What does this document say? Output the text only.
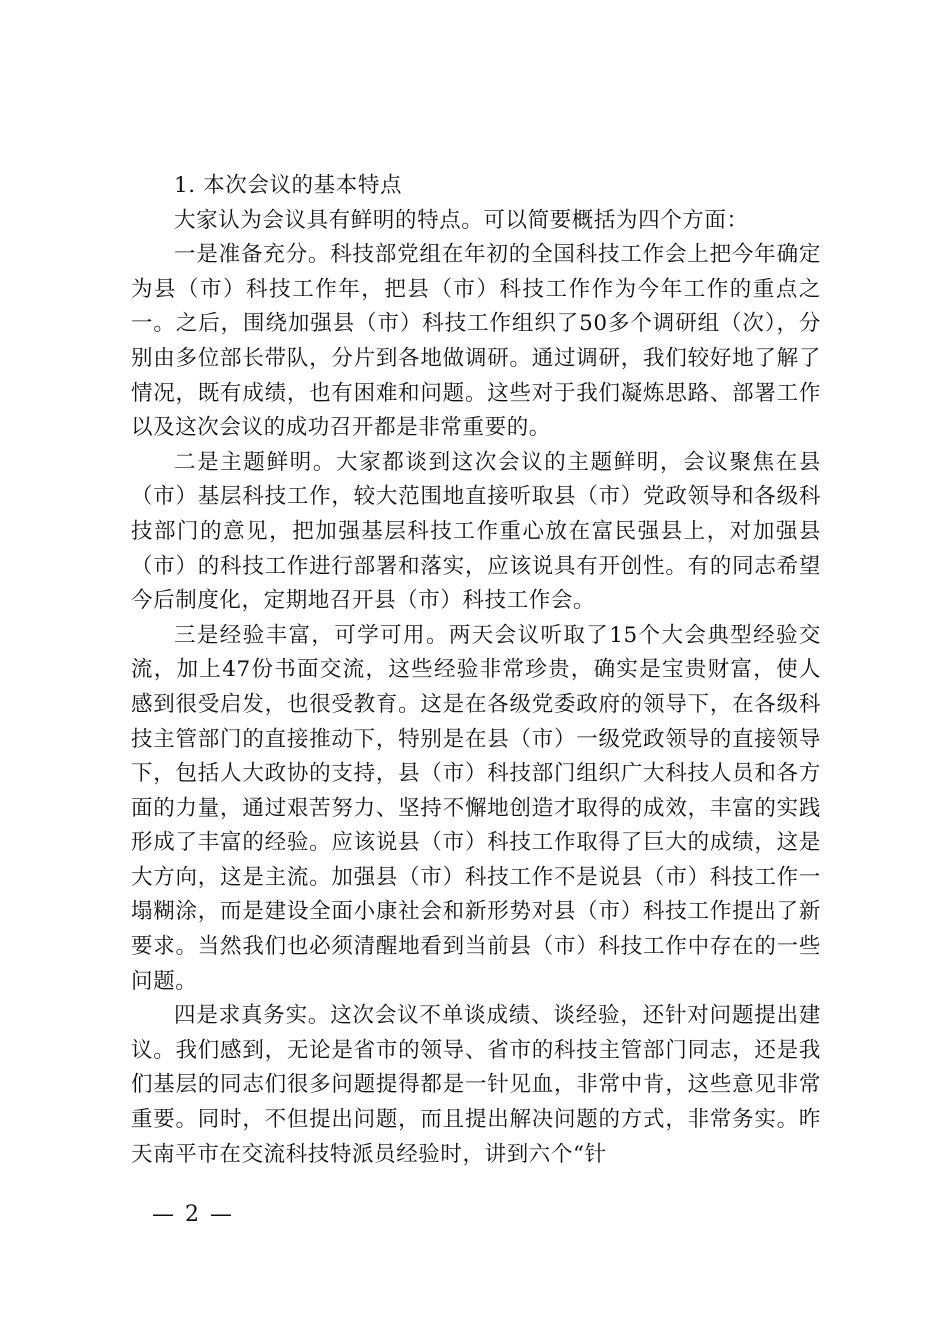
1. 本次会议的基本特点

大家认为会议具有鲜明的特点。可以简要概括为四个方面：

一是准备充分。科技部党组在年初的全国科技工作会上把今年确定为县（市）科技工作年，把县（市）科技工作作为今年工作的重点之一。之后，围绕加强县（市）科技工作组织了50多个调研组（次），分别由多位部长带队，分片到各地做调研。通过调研，我们较好地了解了情况，既有成绩，也有困难和问题。这些对于我们凝炼思路、部署工作以及这次会议的成功召开都是非常重要的。

二是主题鲜明。大家都谈到这次会议的主题鲜明，会议聚焦在县（市）基层科技工作，较大范围地直接听取县（市）党政领导和各级科技部门的意见，把加强基层科技工作重心放在富民强县上，对加强县（市）的科技工作进行部署和落实，应该说具有开创性。有的同志希望今后制度化，定期地召开县（市）科技工作会。

三是经验丰富，可学可用。两天会议听取了15个大会典型经验交流，加上47份书面交流，这些经验非常珍贵，确实是宝贵财富，使人感到很受启发，也很受教育。这是在各级党委政府的领导下，在各级科技主管部门的直接推动下，特别是在县（市）一级党政领导的直接领导下，包括人大政协的支持，县（市）科技部门组织广大科技人员和各方面的力量，通过艰苦努力、坚持不懈地创造才取得的成效，丰富的实践形成了丰富的经验。应该说县（市）科技工作取得了巨大的成绩，这是大方向，这是主流。加强县（市）科技工作不是说县（市）科技工作一塌糊涂，而是建设全面小康社会和新形势对县（市）科技工作提出了新要求。当然我们也必须清醒地看到当前县（市）科技工作中存在的一些问题。

四是求真务实。这次会议不单谈成绩、谈经验，还针对问题提出建议。我们感到，无论是省市的领导、省市的科技主管部门同志，还是我们基层的同志们很多问题提得都是一针见血，非常中肯，这些意见非常重要。同时，不但提出问题，而且提出解决问题的方式，非常务实。昨天南平市在交流科技特派员经验时，讲到六个“针

— 2 —
